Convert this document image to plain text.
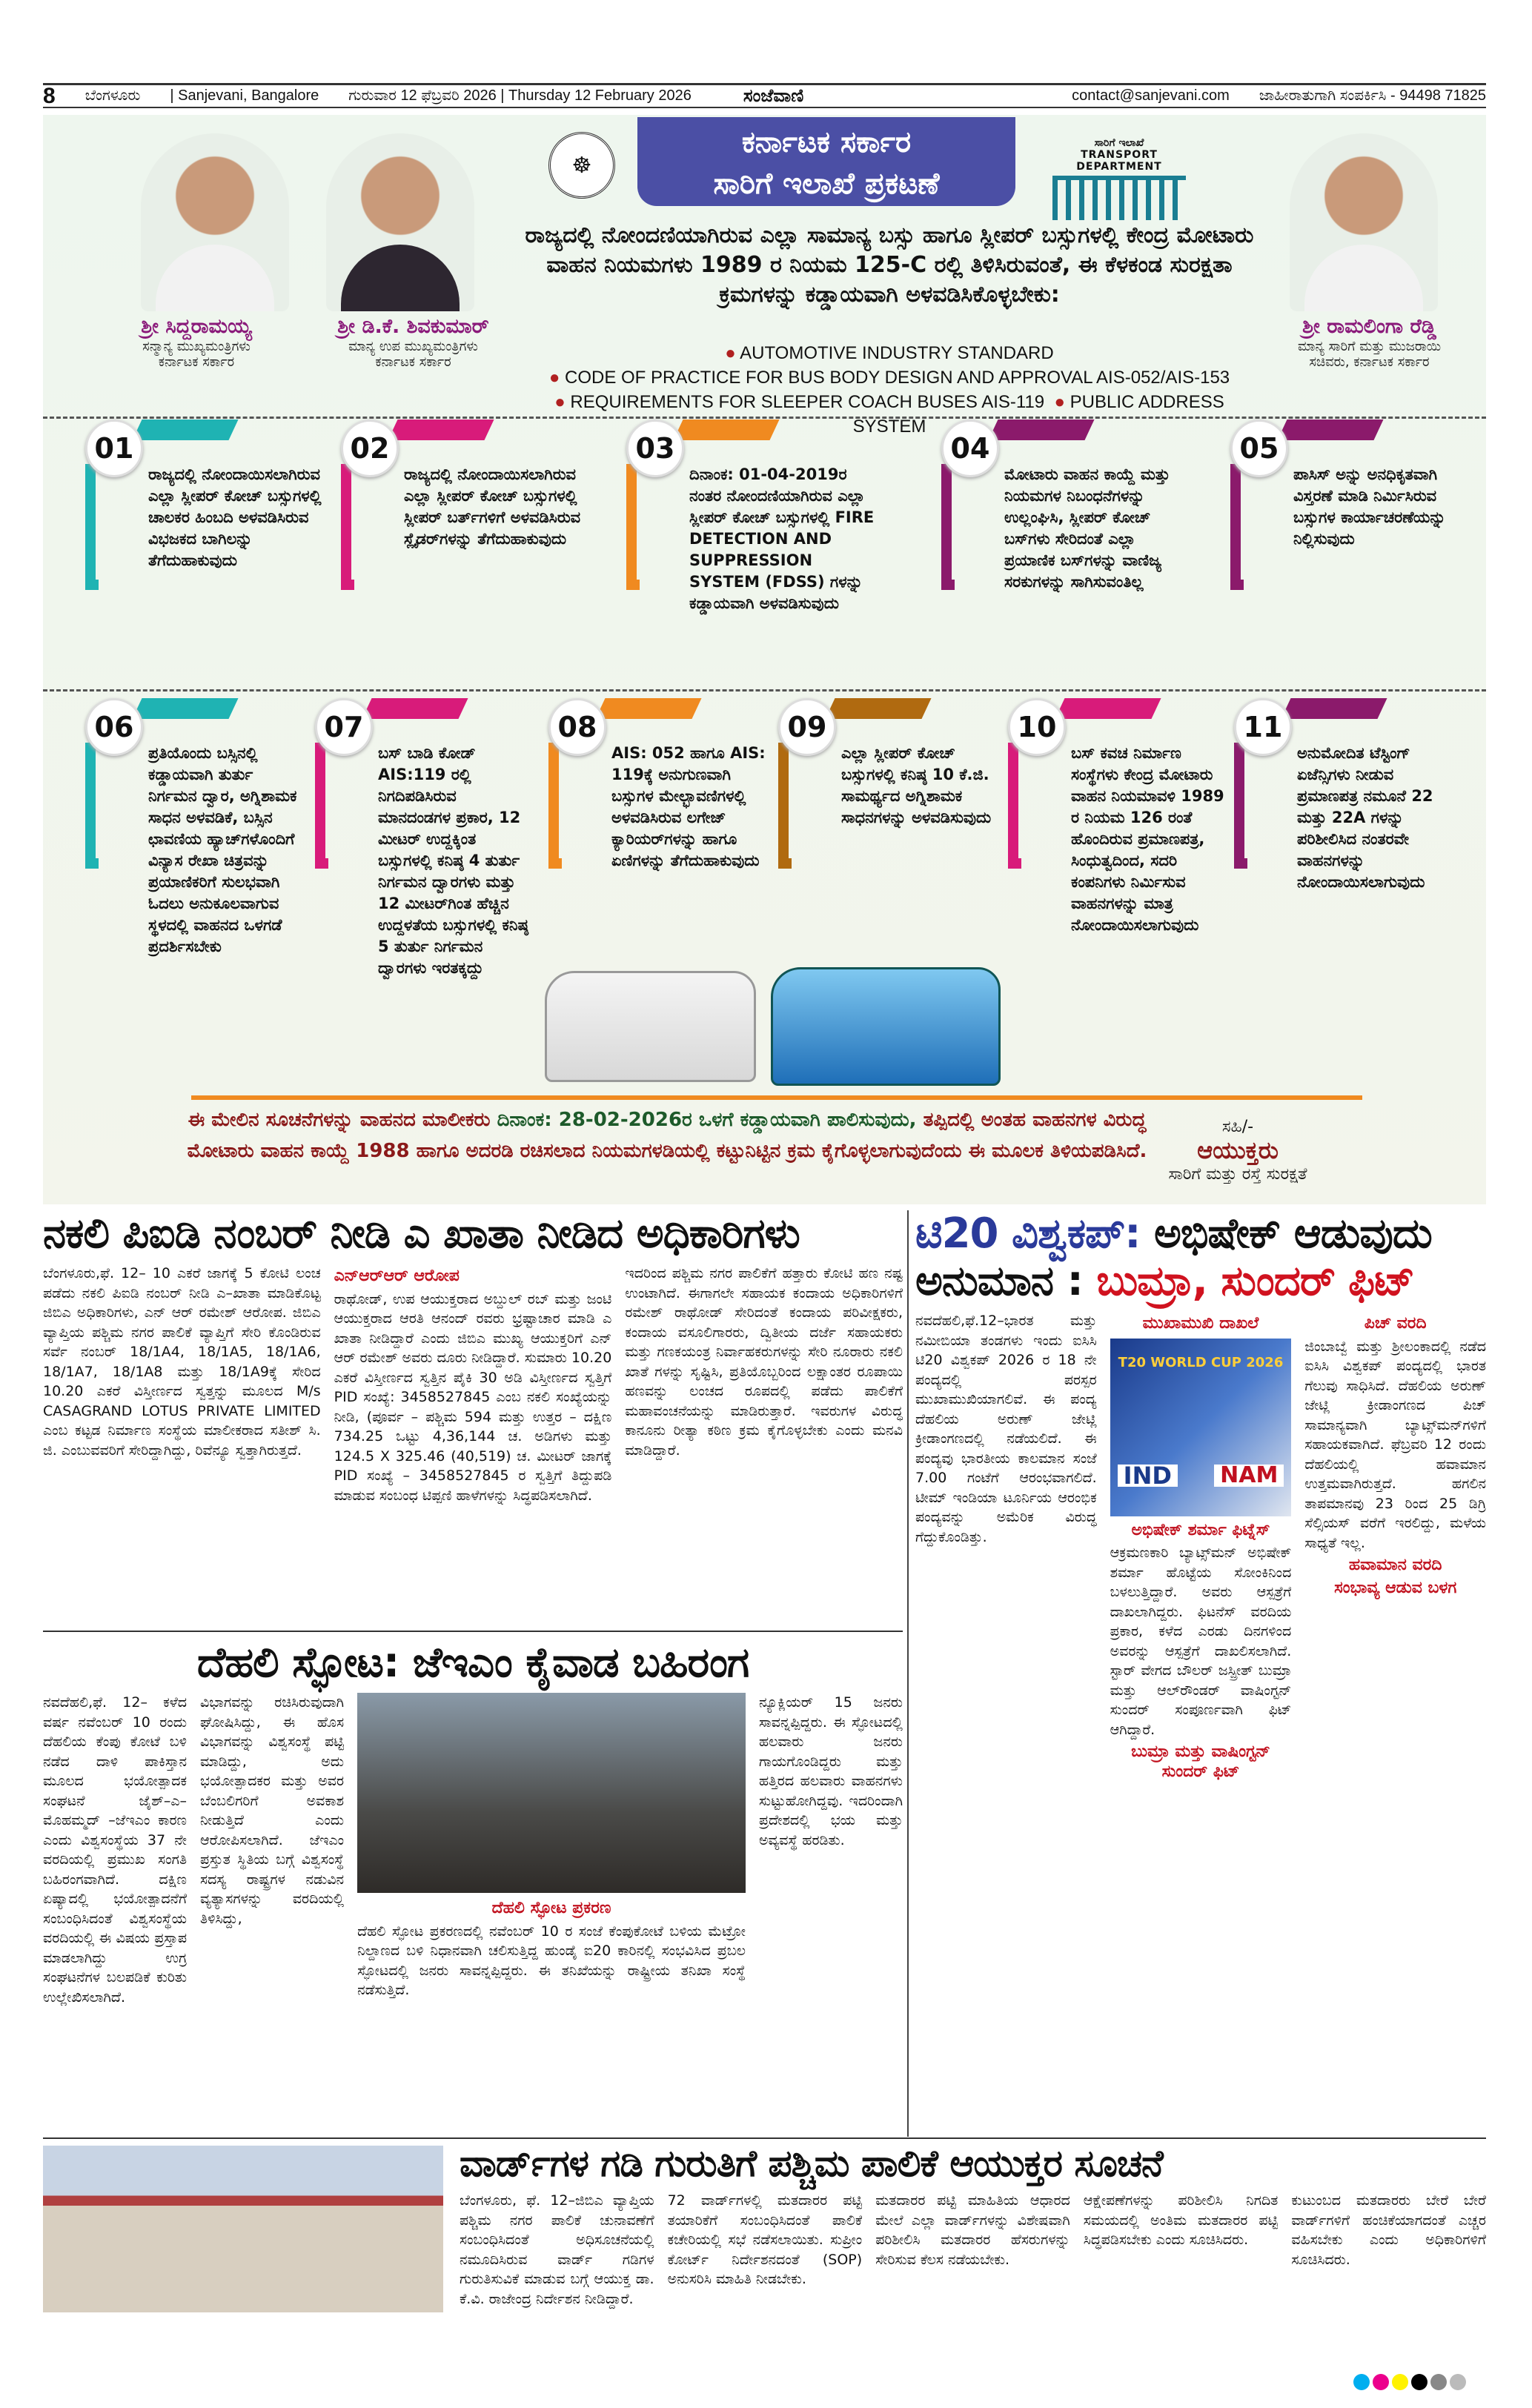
8 ಬೆಂಗಳೂರು | Sanjevani, Bangalore ಗುರುವಾರ 12 ಫೆಬ್ರವರಿ 2026 | Thursday 12 February 2026	ಸಂಜೆವಾಣಿ	contact@sanjevani.com ಜಾಹೀರಾತುಗಾಗಿ ಸಂಪರ್ಕಿಸಿ - 94498 71825
☸
ಕರ್ನಾಟಕ ಸರ್ಕಾರ
ಸಾರಿಗೆ ಇಲಾಖೆ ಪ್ರಕಟಣೆ
ಸಾರಿಗೆ ಇಲಾಖೆ
TRANSPORT DEPARTMENT
ಶ್ರೀ ಸಿದ್ದರಾಮಯ್ಯ
ಸನ್ಮಾನ್ಯ ಮುಖ್ಯಮಂತ್ರಿಗಳು
ಕರ್ನಾಟಕ ಸರ್ಕಾರ
ಶ್ರೀ ಡಿ.ಕೆ. ಶಿವಕುಮಾರ್
ಮಾನ್ಯ ಉಪ ಮುಖ್ಯಮಂತ್ರಿಗಳು
ಕರ್ನಾಟಕ ಸರ್ಕಾರ
ಶ್ರೀ ರಾಮಲಿಂಗಾ ರೆಡ್ಡಿ
ಮಾನ್ಯ ಸಾರಿಗೆ ಮತ್ತು ಮುಜರಾಯಿ
ಸಚಿವರು, ಕರ್ನಾಟಕ ಸರ್ಕಾರ
ರಾಜ್ಯದಲ್ಲಿ ನೋಂದಣಿಯಾಗಿರುವ ಎಲ್ಲಾ ಸಾಮಾನ್ಯ ಬಸ್ಸು ಹಾಗೂ ಸ್ಲೀಪರ್ ಬಸ್ಸುಗಳಲ್ಲಿ ಕೇಂದ್ರ ಮೋಟಾರು ವಾಹನ ನಿಯಮಗಳು 1989 ರ ನಿಯಮ 125-C ರಲ್ಲಿ ತಿಳಿಸಿರುವಂತೆ, ಈ ಕೆಳಕಂಡ ಸುರಕ್ಷತಾ ಕ್ರಮಗಳನ್ನು ಕಡ್ಡಾಯವಾಗಿ ಅಳವಡಿಸಿಕೊಳ್ಳಬೇಕು:
● AUTOMOTIVE INDUSTRY STANDARD
● CODE OF PRACTICE FOR BUS BODY DESIGN AND APPROVAL AIS-052/AIS-153
● REQUIREMENTS FOR SLEEPER COACH BUSES AIS-119 ● PUBLIC ADDRESS SYSTEM
01
ರಾಜ್ಯದಲ್ಲಿ ನೋಂದಾಯಿಸಲಾಗಿರುವ ಎಲ್ಲಾ ಸ್ಲೀಪರ್ ಕೋಚ್ ಬಸ್ಸುಗಳಲ್ಲಿ ಚಾಲಕರ ಹಿಂಬದಿ ಅಳವಡಿಸಿರುವ ವಿಭಜಕದ ಬಾಗಿಲನ್ನು ತೆಗೆದುಹಾಕುವುದು
02
ರಾಜ್ಯದಲ್ಲಿ ನೋಂದಾಯಿಸಲಾಗಿರುವ ಎಲ್ಲಾ ಸ್ಲೀಪರ್ ಕೋಚ್ ಬಸ್ಸುಗಳಲ್ಲಿ ಸ್ಲೀಪರ್ ಬರ್ತ್‌ಗಳಿಗೆ ಅಳವಡಿಸಿರುವ ಸ್ಲೈಡರ್‌ಗಳನ್ನು ತೆಗೆದುಹಾಕುವುದು
03
ದಿನಾಂಕ: 01-04-2019ರ ನಂತರ ನೋಂದಣಿಯಾಗಿರುವ ಎಲ್ಲಾ ಸ್ಲೀಪರ್ ಕೋಚ್ ಬಸ್ಸುಗಳಲ್ಲಿ FIRE DETECTION AND SUPPRESSION SYSTEM (FDSS) ಗಳನ್ನು ಕಡ್ಡಾಯವಾಗಿ ಅಳವಡಿಸುವುದು
04
ಮೋಟಾರು ವಾಹನ ಕಾಯ್ದೆ ಮತ್ತು ನಿಯಮಗಳ ನಿಬಂಧನೆಗಳನ್ನು ಉಲ್ಲಂಘಿಸಿ, ಸ್ಲೀಪರ್ ಕೋಚ್ ಬಸ್‌ಗಳು ಸೇರಿದಂತೆ ಎಲ್ಲಾ ಪ್ರಯಾಣಿಕ ಬಸ್‌ಗಳನ್ನು ವಾಣಿಜ್ಯ ಸರಕುಗಳನ್ನು ಸಾಗಿಸುವಂತಿಲ್ಲ
05
ಪಾಸಿಸ್ ಅನ್ನು ಅನಧಿಕೃತವಾಗಿ ವಿಸ್ತರಣೆ ಮಾಡಿ ನಿರ್ಮಿಸಿರುವ ಬಸ್ಸುಗಳ ಕಾರ್ಯಾಚರಣೆಯನ್ನು ನಿಲ್ಲಿಸುವುದು
06
ಪ್ರತಿಯೊಂದು ಬಸ್ಸಿನಲ್ಲಿ ಕಡ್ಡಾಯವಾಗಿ ತುರ್ತು ನಿರ್ಗಮನ ದ್ವಾರ, ಅಗ್ನಿಶಾಮಕ ಸಾಧನ ಅಳವಡಿಕೆ, ಬಸ್ಸಿನ ಛಾವಣಿಯ ಹ್ಯಾಚ್‌ಗಳೊಂದಿಗೆ ವಿನ್ಯಾಸ ರೇಖಾ ಚಿತ್ರವನ್ನು ಪ್ರಯಾಣಿಕರಿಗೆ ಸುಲಭವಾಗಿ ಓದಲು ಅನುಕೂಲವಾಗುವ ಸ್ಥಳದಲ್ಲಿ ವಾಹನದ ಒಳಗಡೆ ಪ್ರದರ್ಶಿಸಬೇಕು
07
ಬಸ್ ಬಾಡಿ ಕೋಡ್ AIS:119 ರಲ್ಲಿ ನಿಗದಿಪಡಿಸಿರುವ ಮಾನದಂಡಗಳ ಪ್ರಕಾರ, 12 ಮೀಟರ್ ಉದ್ದಕ್ಕಿಂತ ಬಸ್ಸುಗಳಲ್ಲಿ ಕನಿಷ್ಠ 4 ತುರ್ತು ನಿರ್ಗಮನ ದ್ವಾರಗಳು ಮತ್ತು 12 ಮೀಟರ್‌ಗಿಂತ ಹೆಚ್ಚಿನ ಉದ್ದಳತೆಯ ಬಸ್ಸುಗಳಲ್ಲಿ ಕನಿಷ್ಠ 5 ತುರ್ತು ನಿರ್ಗಮನ ದ್ವಾರಗಳು ಇರತಕ್ಕದ್ದು
08
AIS: 052 ಹಾಗೂ AIS: 119ಕ್ಕೆ ಅನುಗುಣವಾಗಿ ಬಸ್ಸುಗಳ ಮೇಲ್ಭಾವಣಿಗಳಲ್ಲಿ ಅಳವಡಿಸಿರುವ ಲಗೇಜ್ ಕ್ಯಾರಿಯರ್‌ಗಳನ್ನು ಹಾಗೂ ಏಣಿಗಳನ್ನು ತೆಗೆದುಹಾಕುವುದು
09
ಎಲ್ಲಾ ಸ್ಲೀಪರ್ ಕೋಚ್ ಬಸ್ಸುಗಳಲ್ಲಿ ಕನಿಷ್ಠ 10 ಕೆ.ಜಿ. ಸಾಮರ್ಥ್ಯದ ಅಗ್ನಿಶಾಮಕ ಸಾಧನಗಳನ್ನು ಅಳವಡಿಸುವುದು
10
ಬಸ್ ಕವಚ ನಿರ್ಮಾಣ ಸಂಸ್ಥೆಗಳು ಕೇಂದ್ರ ಮೋಟಾರು ವಾಹನ ನಿಯಮಾವಳಿ 1989 ರ ನಿಯಮ 126 ರಂತೆ ಹೊಂದಿರುವ ಪ್ರಮಾಣಪತ್ರ, ಸಿಂಧುತ್ವದಿಂದ, ಸದರಿ ಕಂಪನಿಗಳು ನಿರ್ಮಿಸುವ ವಾಹನಗಳನ್ನು ಮಾತ್ರ ನೋಂದಾಯಿಸಲಾಗುವುದು
11
ಅನುಮೋದಿತ ಟೆಸ್ಟಿಂಗ್ ಏಜೆನ್ಸಿಗಳು ನೀಡುವ ಪ್ರಮಾಣಪತ್ರ ನಮೂನೆ 22 ಮತ್ತು 22A ಗಳನ್ನು ಪರಿಶೀಲಿಸಿದ ನಂತರವೇ ವಾಹನಗಳನ್ನು ನೋಂದಾಯಿಸಲಾಗುವುದು
ಈ ಮೇಲಿನ ಸೂಚನೆಗಳನ್ನು ವಾಹನದ ಮಾಲೀಕರು ದಿನಾಂಕ: 28-02-2026ರ ಒಳಗೆ ಕಡ್ಡಾಯವಾಗಿ ಪಾಲಿಸುವುದು, ತಪ್ಪಿದಲ್ಲಿ ಅಂತಹ ವಾಹನಗಳ ವಿರುದ್ಧ ಮೋಟಾರು ವಾಹನ ಕಾಯ್ದೆ 1988 ಹಾಗೂ ಅದರಡಿ ರಚಿಸಲಾದ ನಿಯಮಗಳಡಿಯಲ್ಲಿ ಕಟ್ಟುನಿಟ್ಟಿನ ಕ್ರಮ ಕೈಗೊಳ್ಳಲಾಗುವುದೆಂದು ಈ ಮೂಲಕ ತಿಳಿಯಪಡಿಸಿದೆ.
ಸಹಿ/-
ಆಯುಕ್ತರು
ಸಾರಿಗೆ ಮತ್ತು ರಸ್ತೆ ಸುರಕ್ಷತೆ
ನಕಲಿ ಪಿಐಡಿ ನಂಬರ್ ನೀಡಿ ಎ ಖಾತಾ ನೀಡಿದ ಅಧಿಕಾರಿಗಳು

ಬೆಂಗಳೂರು,ಫೆ. 12– 10 ಎಕರೆ ಜಾಗಕ್ಕೆ 5 ಕೋಟಿ ಲಂಚ ಪಡೆದು ನಕಲಿ ಪಿಐಡಿ ನಂಬರ್ ನೀಡಿ ಎ–ಖಾತಾ ಮಾಡಿಕೊಟ್ಟ ಜಿಬಿಎ ಅಧಿಕಾರಿಗಳು, ಎನ್ ಆರ್ ರಮೇಶ್ ಆರೋಪ. ಜಿಬಿಎ ವ್ಯಾಪ್ತಿಯ ಪಶ್ಚಿಮ ನಗರ ಪಾಲಿಕೆ ವ್ಯಾಪ್ತಿಗೆ ಸೇರಿ ಕೊಂಡಿರುವ ಸರ್ವೆ ನಂಬರ್ 18/1A4, 18/1A5, 18/1A6, 18/1A7, 18/1A8 ಮತ್ತು 18/1A9ಕ್ಕೆ ಸೇರಿದ 10.20 ಎಕರೆ ವಿಸ್ತೀರ್ಣದ ಸ್ವತ್ತನ್ನು ಮೂಲದ M/s CASAGRAND LOTUS PRIVATE LIMITED ಎಂಬ ಕಟ್ಟಡ ನಿರ್ಮಾಣ ಸಂಸ್ಥೆಯ ಮಾಲೀಕರಾದ ಸತೀಶ್ ಸಿ. ಜಿ. ಎಂಬುವವರಿಗೆ ಸೇರಿದ್ದಾಗಿದ್ದು, ರಿವೆನ್ಯೂ ಸ್ವತ್ತಾಗಿರುತ್ತದೆ.

ಎನ್‌ಆರ್‌ಆರ್ ಆರೋಪ
ರಾಥೋಡ್, ಉಪ ಆಯುಕ್ತರಾದ ಅಬ್ದುಲ್ ರಬ್ ಮತ್ತು ಜಂಟಿ ಆಯುಕ್ತರಾದ ಆರತಿ ಆನಂದ್ ರವರು ಭ್ರಷ್ಟಾಚಾರ ಮಾಡಿ ಎ ಖಾತಾ ನೀಡಿದ್ದಾರೆ ಎಂದು ಜಿಬಿಎ ಮುಖ್ಯ ಆಯುಕ್ತರಿಗೆ ಎನ್ ಆರ್ ರಮೇಶ್ ಅವರು ದೂರು ನೀಡಿದ್ದಾರೆ. ಸುಮಾರು 10.20 ಎಕರೆ ವಿಸ್ತೀರ್ಣದ ಸ್ವತ್ತಿನ ಪೈಕಿ 30 ಅಡಿ ವಿಸ್ತೀರ್ಣದ ಸ್ವತ್ತಿಗೆ PID ಸಂಖ್ಯೆ: 3458527845 ಎಂಬ ನಕಲಿ ಸಂಖ್ಯೆಯನ್ನು ನೀಡಿ, (ಪೂರ್ವ – ಪಶ್ಚಿಮ 594 ಮತ್ತು ಉತ್ತರ – ದಕ್ಷಿಣ 734.25 ಒಟ್ಟು 4,36,144 ಚ. ಅಡಿಗಳು ಮತ್ತು 124.5 X 325.46 (40,519) ಚ. ಮೀಟರ್ ಜಾಗಕ್ಕೆ PID ಸಂಖ್ಯೆ – 3458527845 ರ ಸ್ವತ್ತಿಗೆ ತಿದ್ದುಪಡಿ ಮಾಡುವ ಸಂಬಂಧ ಟಿಪ್ಪಣಿ ಹಾಳೆಗಳನ್ನು ಸಿದ್ಧಪಡಿಸಲಾಗಿದೆ.

ಇದರಿಂದ ಪಶ್ಚಿಮ ನಗರ ಪಾಲಿಕೆಗೆ ಹತ್ತಾರು ಕೋಟಿ ಹಣ ನಷ್ಟ ಉಂಟಾಗಿದೆ. ಈಗಾಗಲೇ ಸಹಾಯಕ ಕಂದಾಯ ಅಧಿಕಾರಿಗಳಿಗೆ ರಮೇಶ್ ರಾಥೋಡ್ ಸೇರಿದಂತೆ ಕಂದಾಯ ಪರಿವೀಕ್ಷಕರು, ಕಂದಾಯ ವಸೂಲಿಗಾರರು, ದ್ವಿತೀಯ ದರ್ಜೆ ಸಹಾಯಕರು ಮತ್ತು ಗಣಕಯಂತ್ರ ನಿರ್ವಾಹಕರುಗಳನ್ನು ಸೇರಿ ನೂರಾರು ನಕಲಿ ಖಾತೆ ಗಳನ್ನು ಸೃಷ್ಟಿಸಿ, ಪ್ರತಿಯೊಬ್ಬರಿಂದ ಲಕ್ಷಾಂತರ ರೂಪಾಯಿ ಹಣವನ್ನು ಲಂಚದ ರೂಪದಲ್ಲಿ ಪಡೆದು ಪಾಲಿಕೆಗೆ ಮಹಾವಂಚನೆಯನ್ನು ಮಾಡಿರುತ್ತಾರೆ. ಇವರುಗಳ ವಿರುದ್ಧ ಕಾನೂನು ರೀತ್ಯಾ ಕಠಿಣ ಕ್ರಮ ಕೈಗೊಳ್ಳಬೇಕು ಎಂದು ಮನವಿ ಮಾಡಿದ್ದಾರೆ.

ದೆಹಲಿ ಸ್ಫೋಟ: ಜೆಇಎಂ ಕೈವಾಡ ಬಹಿರಂಗ

ನವದೆಹಲಿ,ಫೆ. 12– ಕಳೆದ ವರ್ಷ ನವೆಂಬರ್ 10 ರಂದು ದೆಹಲಿಯ ಕೆಂಪು ಕೋಟೆ ಬಳಿ ನಡೆದ ದಾಳಿ ಪಾಕಿಸ್ತಾನ ಮೂಲದ ಭಯೋತ್ಪಾದಕ ಸಂಘಟನೆ ಜೈಶ್–ಎ–ಮೊಹಮ್ಮದ್ –ಜೆಇಎಂ ಕಾರಣ ಎಂದು ವಿಶ್ವಸಂಸ್ಥೆಯ 37 ನೇ ವರದಿಯಲ್ಲಿ ಪ್ರಮುಖ ಸಂಗತಿ ಬಹಿರಂಗವಾಗಿದೆ. ದಕ್ಷಿಣ ಏಷ್ಯಾದಲ್ಲಿ ಭಯೋತ್ಪಾದನೆಗೆ ಸಂಬಂಧಿಸಿದಂತೆ ವಿಶ್ವಸಂಸ್ಥೆಯ ವರದಿಯಲ್ಲಿ ಈ ವಿಷಯ ಪ್ರಸ್ತಾಪ ಮಾಡಲಾಗಿದ್ದು ಉಗ್ರ ಸಂಘಟನೆಗಳ ಬಲಪಡಿಕೆ ಕುರಿತು ಉಲ್ಲೇಖಿಸಲಾಗಿದೆ.

ವಿಭಾಗವನ್ನು ರಚಿಸಿರುವುದಾಗಿ ಘೋಷಿಸಿದ್ದು, ಈ ಹೊಸ ವಿಭಾಗವನ್ನು ವಿಶ್ವಸಂಸ್ಥೆ ಪಟ್ಟಿ ಮಾಡಿದ್ದು, ಅದು ಭಯೋತ್ಪಾದಕರ ಮತ್ತು ಅವರ ಬೆಂಬಲಿಗರಿಗೆ ಅವಕಾಶ ನೀಡುತ್ತಿದೆ ಎಂದು ಆರೋಪಿಸಲಾಗಿದೆ. ಜೆಇಎಂ ಪ್ರಸ್ತುತ ಸ್ಥಿತಿಯ ಬಗ್ಗೆ ವಿಶ್ವಸಂಸ್ಥೆ ಸದಸ್ಯ ರಾಷ್ಟ್ರಗಳ ನಡುವಿನ ವ್ಯತ್ಯಾಸಗಳನ್ನು ವರದಿಯಲ್ಲಿ ತಿಳಿಸಿದ್ದು,

ದೆಹಲಿ ಸ್ಫೋಟ ಪ್ರಕರಣ
ದೆಹಲಿ ಸ್ಫೋಟ ಪ್ರಕರಣದಲ್ಲಿ ನವೆಂಬರ್ 10 ರ ಸಂಜೆ ಕೆಂಪುಕೋಟೆ ಬಳಿಯ ಮೆಟ್ರೋ ನಿಲ್ದಾಣದ ಬಳಿ ನಿಧಾನವಾಗಿ ಚಲಿಸುತ್ತಿದ್ದ ಹುಂಡೈ ಐ20 ಕಾರಿನಲ್ಲಿ ಸಂಭವಿಸಿದ ಪ್ರಬಲ ಸ್ಫೋಟದಲ್ಲಿ ಜನರು ಸಾವನ್ನಪ್ಪಿದ್ದರು. ಈ ತನಿಖೆಯನ್ನು ರಾಷ್ಟ್ರೀಯ ತನಿಖಾ ಸಂಸ್ಥೆ ನಡೆಸುತ್ತಿದೆ.

ನ್ಯೂಕ್ಲಿಯರ್ 15 ಜನರು ಸಾವನ್ನಪ್ಪಿದ್ದರು. ಈ ಸ್ಫೋಟದಲ್ಲಿ ಹಲವಾರು ಜನರು ಗಾಯಗೊಂಡಿದ್ದರು ಮತ್ತು ಹತ್ತಿರದ ಹಲವಾರು ವಾಹನಗಳು ಸುಟ್ಟುಹೋಗಿದ್ದವು. ಇದರಿಂದಾಗಿ ಪ್ರದೇಶದಲ್ಲಿ ಭಯ ಮತ್ತು ಅವ್ಯವಸ್ಥೆ ಹರಡಿತು.

ಟಿ20 ವಿಶ್ವಕಪ್: ಅಭಿಷೇಕ್ ಆಡುವುದು
ಅನುಮಾನ : ಬುಮ್ರಾ, ಸುಂದರ್ ಫಿಟ್

ನವದೆಹಲಿ,ಫೆ.12–ಭಾರತ ಮತ್ತು ನಮೀಬಿಯಾ ತಂಡಗಳು ಇಂದು ಐಸಿಸಿ ಟಿ20 ವಿಶ್ವಕಪ್ 2026 ರ 18 ನೇ ಪಂದ್ಯದಲ್ಲಿ ಪರಸ್ಪರ ಮುಖಾಮುಖಿಯಾಗಲಿವೆ. ಈ ಪಂದ್ಯ ದೆಹಲಿಯ ಅರುಣ್ ಜೇಟ್ಲಿ ಕ್ರೀಡಾಂಗಣದಲ್ಲಿ ನಡೆಯಲಿದೆ. ಈ ಪಂದ್ಯವು ಭಾರತೀಯ ಕಾಲಮಾನ ಸಂಜೆ 7.00 ಗಂಟೆಗೆ ಆರಂಭವಾಗಲಿದೆ. ಟೀಮ್ ಇಂಡಿಯಾ ಟೂರ್ನಿಯ ಆರಂಭಿಕ ಪಂದ್ಯವನ್ನು ಅಮೆರಿಕ ವಿರುದ್ಧ ಗೆದ್ದುಕೊಂಡಿತ್ತು.

ಮುಖಾಮುಖಿ ದಾಖಲೆ
T20 WORLD CUP 2026
IND NAM
ಅಭಿಷೇಕ್ ಶರ್ಮಾ ಫಿಟ್ನೆಸ್
ಆಕ್ರಮಣಕಾರಿ ಬ್ಯಾಟ್ಸ್‌ಮನ್ ಅಭಿಷೇಕ್ ಶರ್ಮಾ ಹೊಟ್ಟೆಯ ಸೋಂಕಿನಿಂದ ಬಳಲುತ್ತಿದ್ದಾರೆ. ಅವರು ಆಸ್ಪತ್ರೆಗೆ ದಾಖಲಾಗಿದ್ದರು. ಫಿಟನೆಸ್ ವರದಿಯ ಪ್ರಕಾರ, ಕಳೆದ ಎರಡು ದಿನಗಳಿಂದ ಅವರನ್ನು ಆಸ್ಪತ್ರೆಗೆ ದಾಖಲಿಸಲಾಗಿದೆ. ಸ್ಟಾರ್ ವೇಗದ ಬೌಲರ್ ಜಸ್ಪ್ರೀತ್ ಬುಮ್ರಾ ಮತ್ತು ಆಲ್‌ರೌಂಡರ್ ವಾಷಿಂಗ್ಟನ್ ಸುಂದರ್ ಸಂಪೂರ್ಣವಾಗಿ ಫಿಟ್ ಆಗಿದ್ದಾರೆ.
ಬುಮ್ರಾ ಮತ್ತು ವಾಷಿಂಗ್ಟನ್ ಸುಂದರ್ ಫಿಟ್

ಪಿಚ್ ವರದಿ
ಜಿಂಬಾಬ್ವೆ ಮತ್ತು ಶ್ರೀಲಂಕಾದಲ್ಲಿ ನಡೆದ ಐಸಿಸಿ ವಿಶ್ವಕಪ್ ಪಂದ್ಯದಲ್ಲಿ ಭಾರತ ಗೆಲುವು ಸಾಧಿಸಿದೆ. ದೆಹಲಿಯ ಅರುಣ್ ಜೇಟ್ಲಿ ಕ್ರೀಡಾಂಗಣದ ಪಿಚ್ ಸಾಮಾನ್ಯವಾಗಿ ಬ್ಯಾಟ್ಸ್‌ಮನ್‌ಗಳಿಗೆ ಸಹಾಯಕವಾಗಿದೆ. ಫೆಬ್ರವರಿ 12 ರಂದು ದೆಹಲಿಯಲ್ಲಿ ಹವಾಮಾನ ಉತ್ತಮವಾಗಿರುತ್ತದೆ. ಹಗಲಿನ ತಾಪಮಾನವು 23 ರಿಂದ 25 ಡಿಗ್ರಿ ಸೆಲ್ಸಿಯಸ್ ವರೆಗೆ ಇರಲಿದ್ದು, ಮಳೆಯ ಸಾಧ್ಯತೆ ಇಲ್ಲ.
ಹವಾಮಾನ ವರದಿ
ಸಂಭಾವ್ಯ ಆಡುವ ಬಳಗ

ವಾರ್ಡ್‌ಗಳ ಗಡಿ ಗುರುತಿಗೆ ಪಶ್ಚಿಮ ಪಾಲಿಕೆ ಆಯುಕ್ತರ ಸೂಚನೆ

ಬೆಂಗಳೂರು, ಫೆ. 12–ಜಿಬಿಎ ವ್ಯಾಪ್ತಿಯ ಪಶ್ಚಿಮ ನಗರ ಪಾಲಿಕೆ ಚುನಾವಣೆಗೆ ಸಂಬಂಧಿಸಿದಂತೆ ಅಧಿಸೂಚನೆಯಲ್ಲಿ ನಮೂದಿಸಿರುವ ವಾರ್ಡ್ ಗಡಿಗಳ ಗುರುತಿಸುವಿಕೆ ಮಾಡುವ ಬಗ್ಗೆ ಆಯುಕ್ತ ಡಾ. ಕೆ.ವಿ. ರಾಜೇಂದ್ರ ನಿರ್ದೇಶನ ನೀಡಿದ್ದಾರೆ.

72 ವಾರ್ಡ್‌ಗಳಲ್ಲಿ ಮತದಾರರ ಪಟ್ಟಿ ತಯಾರಿಕೆಗೆ ಸಂಬಂಧಿಸಿದಂತೆ ಪಾಲಿಕೆ ಕಚೇರಿಯಲ್ಲಿ ಸಭೆ ನಡೆಸಲಾಯಿತು. ಸುಪ್ರೀಂ ಕೋರ್ಟ್ ನಿರ್ದೇಶನದಂತೆ (SOP) ಅನುಸರಿಸಿ ಮಾಹಿತಿ ನೀಡಬೇಕು.

ಮತದಾರರ ಪಟ್ಟಿ ಮಾಹಿತಿಯ ಆಧಾರದ ಮೇಲೆ ಎಲ್ಲಾ ವಾರ್ಡ್‌ಗಳನ್ನು ವಿಶೇಷವಾಗಿ ಪರಿಶೀಲಿಸಿ ಮತದಾರರ ಹೆಸರುಗಳನ್ನು ಸೇರಿಸುವ ಕೆಲಸ ನಡೆಯಬೇಕು.

ಆಕ್ಷೇಪಣೆಗಳನ್ನು ಪರಿಶೀಲಿಸಿ ನಿಗದಿತ ಸಮಯದಲ್ಲಿ ಅಂತಿಮ ಮತದಾರರ ಪಟ್ಟಿ ಸಿದ್ಧಪಡಿಸಬೇಕು ಎಂದು ಸೂಚಿಸಿದರು.

ಕುಟುಂಬದ ಮತದಾರರು ಬೇರೆ ಬೇರೆ ವಾರ್ಡ್‌ಗಳಿಗೆ ಹಂಚಿಕೆಯಾಗದಂತೆ ಎಚ್ಚರ ವಹಿಸಬೇಕು ಎಂದು ಅಧಿಕಾರಿಗಳಿಗೆ ಸೂಚಿಸಿದರು.
